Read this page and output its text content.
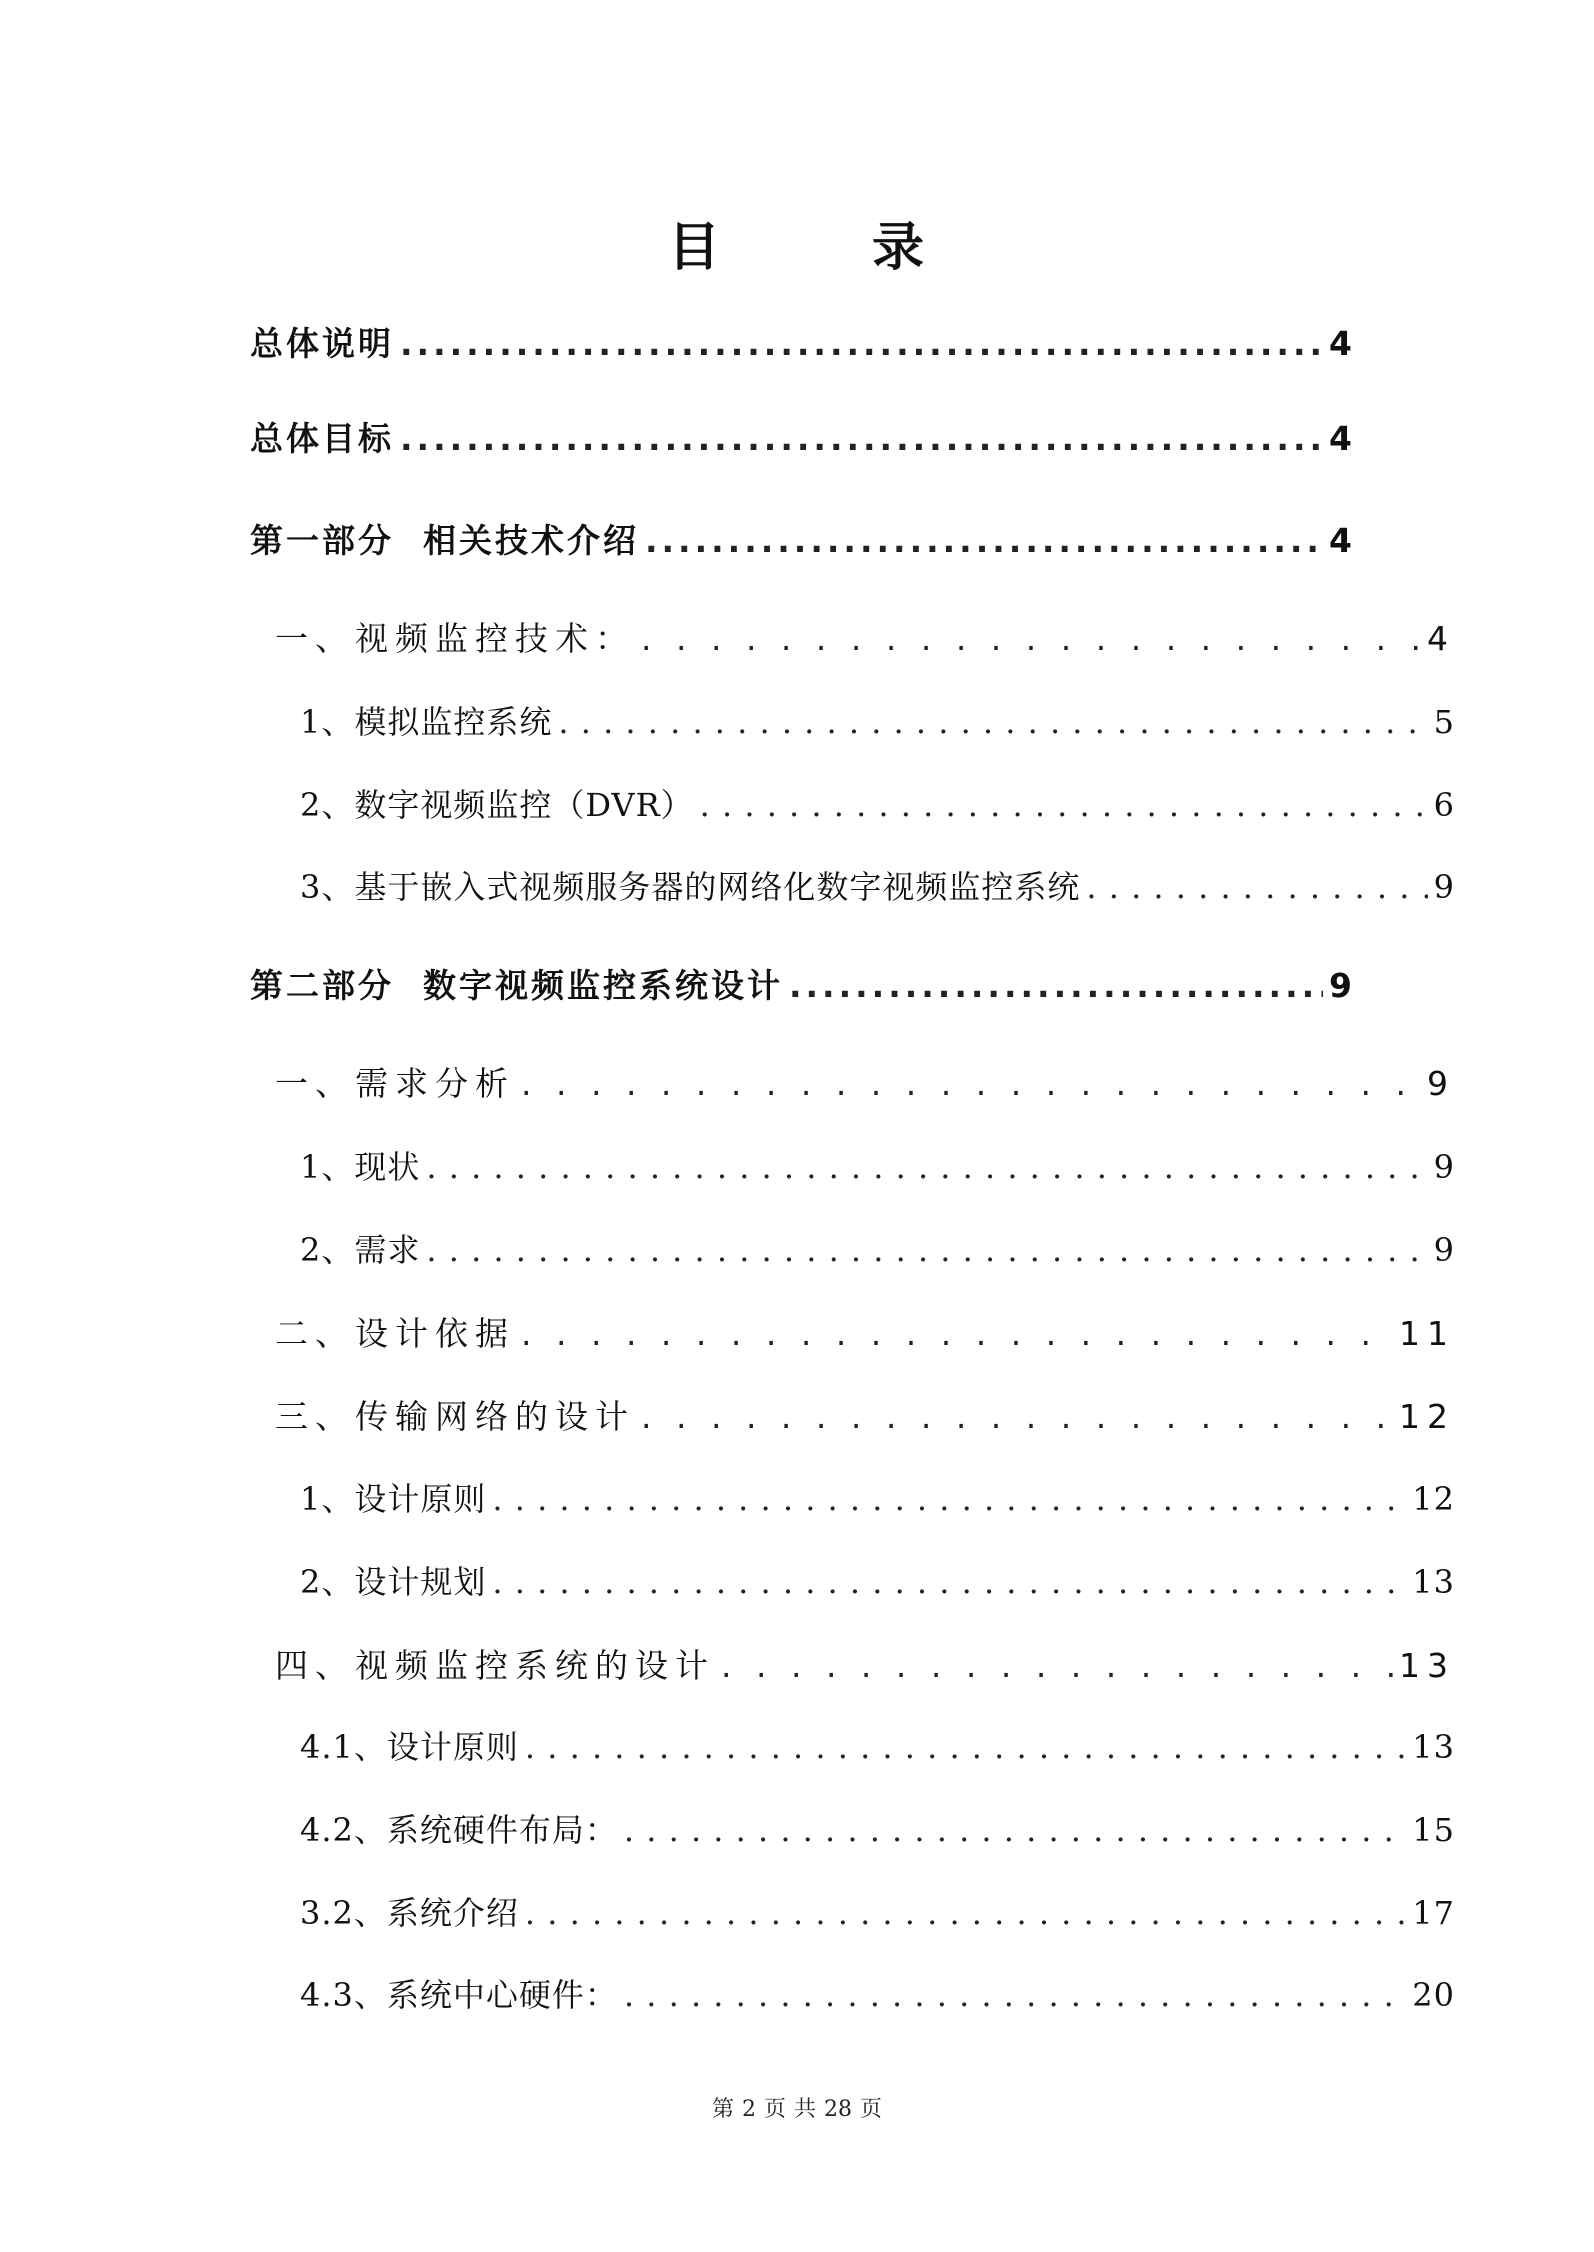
目	录
总体说明 .....	4
总体目标 .....	4
第一部分  相关技术介绍 .....	4
一、视频监控技术： . . .	4
1、模拟监控系统 . . .	5
2、数字视频监控（DVR） . . .	6
3、基于嵌入式视频服务器的网络化数字视频监控系统 . . .	9
第二部分  数字视频监控系统设计 .....	9
一、需求分析 . . .	9
1、现状 . . .	9
2、需求 . . .	9
二、设计依据 . . .	11
三、传输网络的设计 . . .	12
1、设计原则 . . .	12
2、设计规划 . . .	13
四、视频监控系统的设计 . . .	13
4.1、设计原则 . . .	13
4.2、系统硬件布局： . . .	15
3.2、系统介绍 . . .	17
4.3、系统中心硬件： . . .	20
第 2 页 共 28 页
